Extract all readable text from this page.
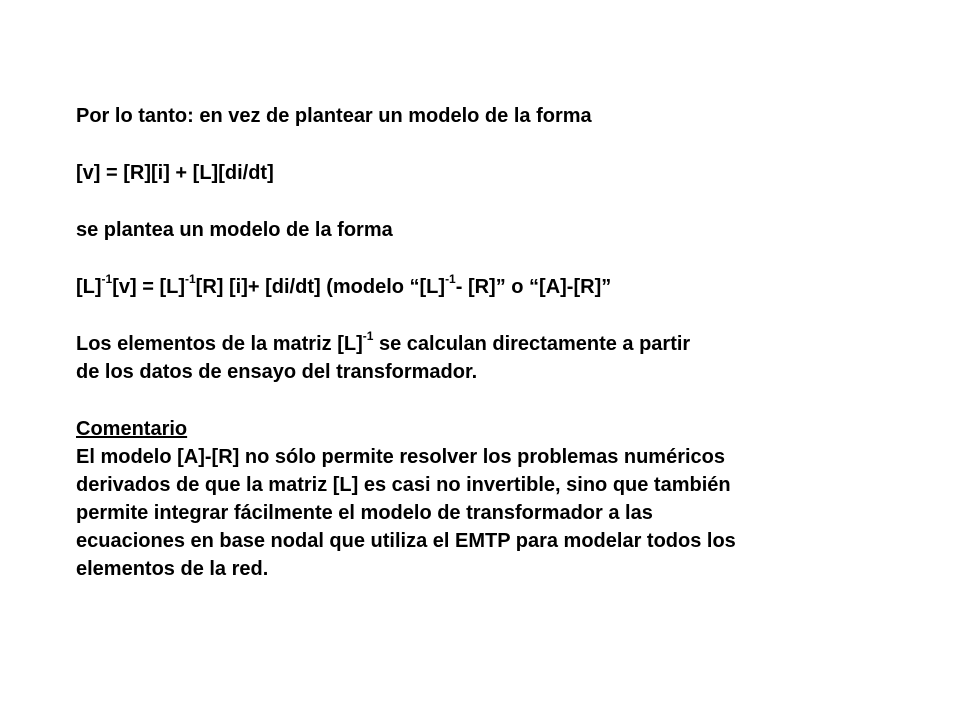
Por lo tanto: en vez de plantear un modelo de la forma
[v] = [R][i] + [L][di/dt]
se plantea un modelo de la forma
$[L]^{-1}[v] = [L]^{-1}[R]$ [i]+ [di/dt] (modelo “$[L]^{-1}-$ [R]” o “[A]-[R]”
Los elementos de la matriz $[L]^{-1}$ se calculan directamente a partir
de los datos de ensayo del transformador.
Comentario
El modelo [A]-[R] no sólo permite resolver los problemas numéricos
derivados de que la matriz [L] es casi no invertible, sino que también
permite integrar fácilmente el modelo de transformador a las
ecuaciones en base nodal que utiliza el EMTP para modelar todos los
elementos de la red.
